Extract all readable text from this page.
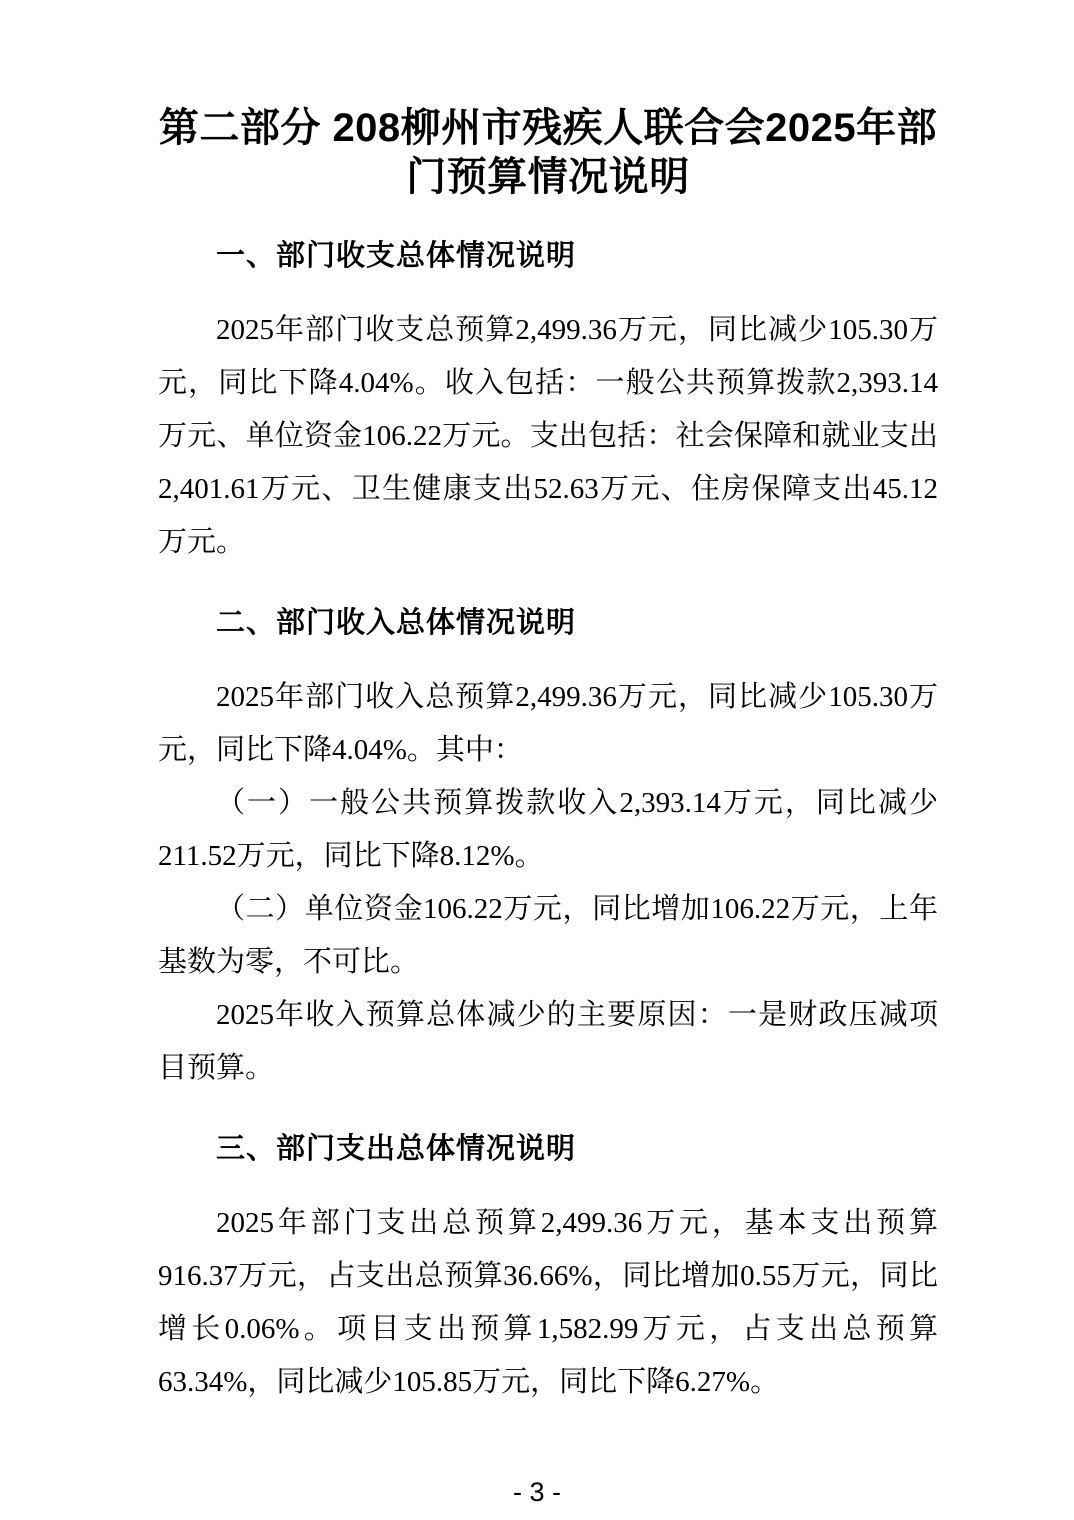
第二部分 208柳州市残疾人联合会2025年部门预算情况说明
一、部门收支总体情况说明

2025年部门收支总预算2,499.36万元，同比减少105.30万元，同比下降4.04%。收入包括：一般公共预算拨款2,393.14万元、单位资金106.22万元。支出包括：社会保障和就业支出2,401.61万元、卫生健康支出52.63万元、住房保障支出45.12万元。

二、部门收入总体情况说明

2025年部门收入总预算2,499.36万元，同比减少105.30万元，同比下降4.04%。其中：

（一）一般公共预算拨款收入2,393.14万元，同比减少211.52万元，同比下降8.12%。

（二）单位资金106.22万元，同比增加106.22万元，上年基数为零，不可比。

2025年收入预算总体减少的主要原因：一是财政压减项目预算。

三、部门支出总体情况说明

2025年部门支出总预算2,499.36万元，基本支出预算916.37万元，占支出总预算36.66%，同比增加0.55万元，同比增长0.06%。项目支出预算1,582.99万元，占支出总预算63.34%，同比减少105.85万元，同比下降6.27%。

- 3 -
